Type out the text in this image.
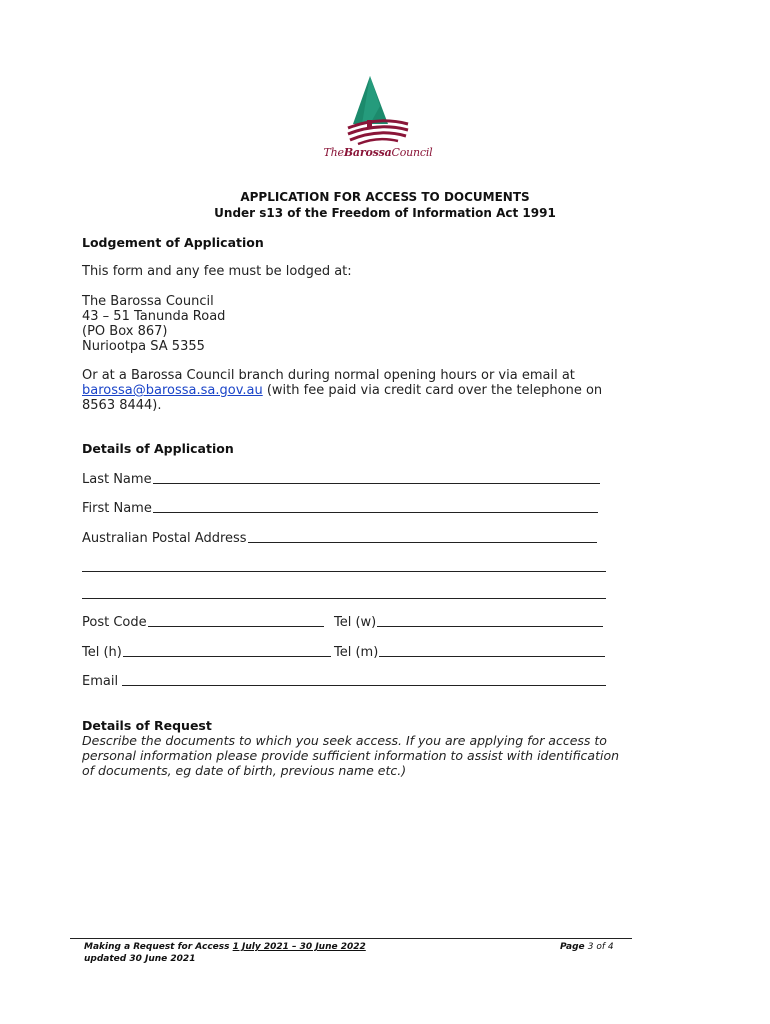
TheBarossaCouncil
APPLICATION FOR ACCESS TO DOCUMENTS
Under s13 of the Freedom of Information Act 1991
Lodgement of Application
This form and any fee must be lodged at:
The Barossa Council
43 – 51 Tanunda Road
(PO Box 867)
Nuriootpa SA 5355
Or at a Barossa Council branch during normal opening hours or via email at
barossa@barossa.sa.gov.au (with fee paid via credit card over the telephone on
8563 8444).
Details of Application
Last Name
First Name
Australian Postal Address
Post Code	Tel (w)
Tel (h)	Tel (m)
Email
Details of Request
Describe the documents to which you seek access. If you are applying for access to
personal information please provide sufficient information to assist with identification
of documents, eg date of birth, previous name etc.)
Making a Request for Access 1 July 2021 – 30 June 2022
updated 30 June 2021
Page 3 of 4
